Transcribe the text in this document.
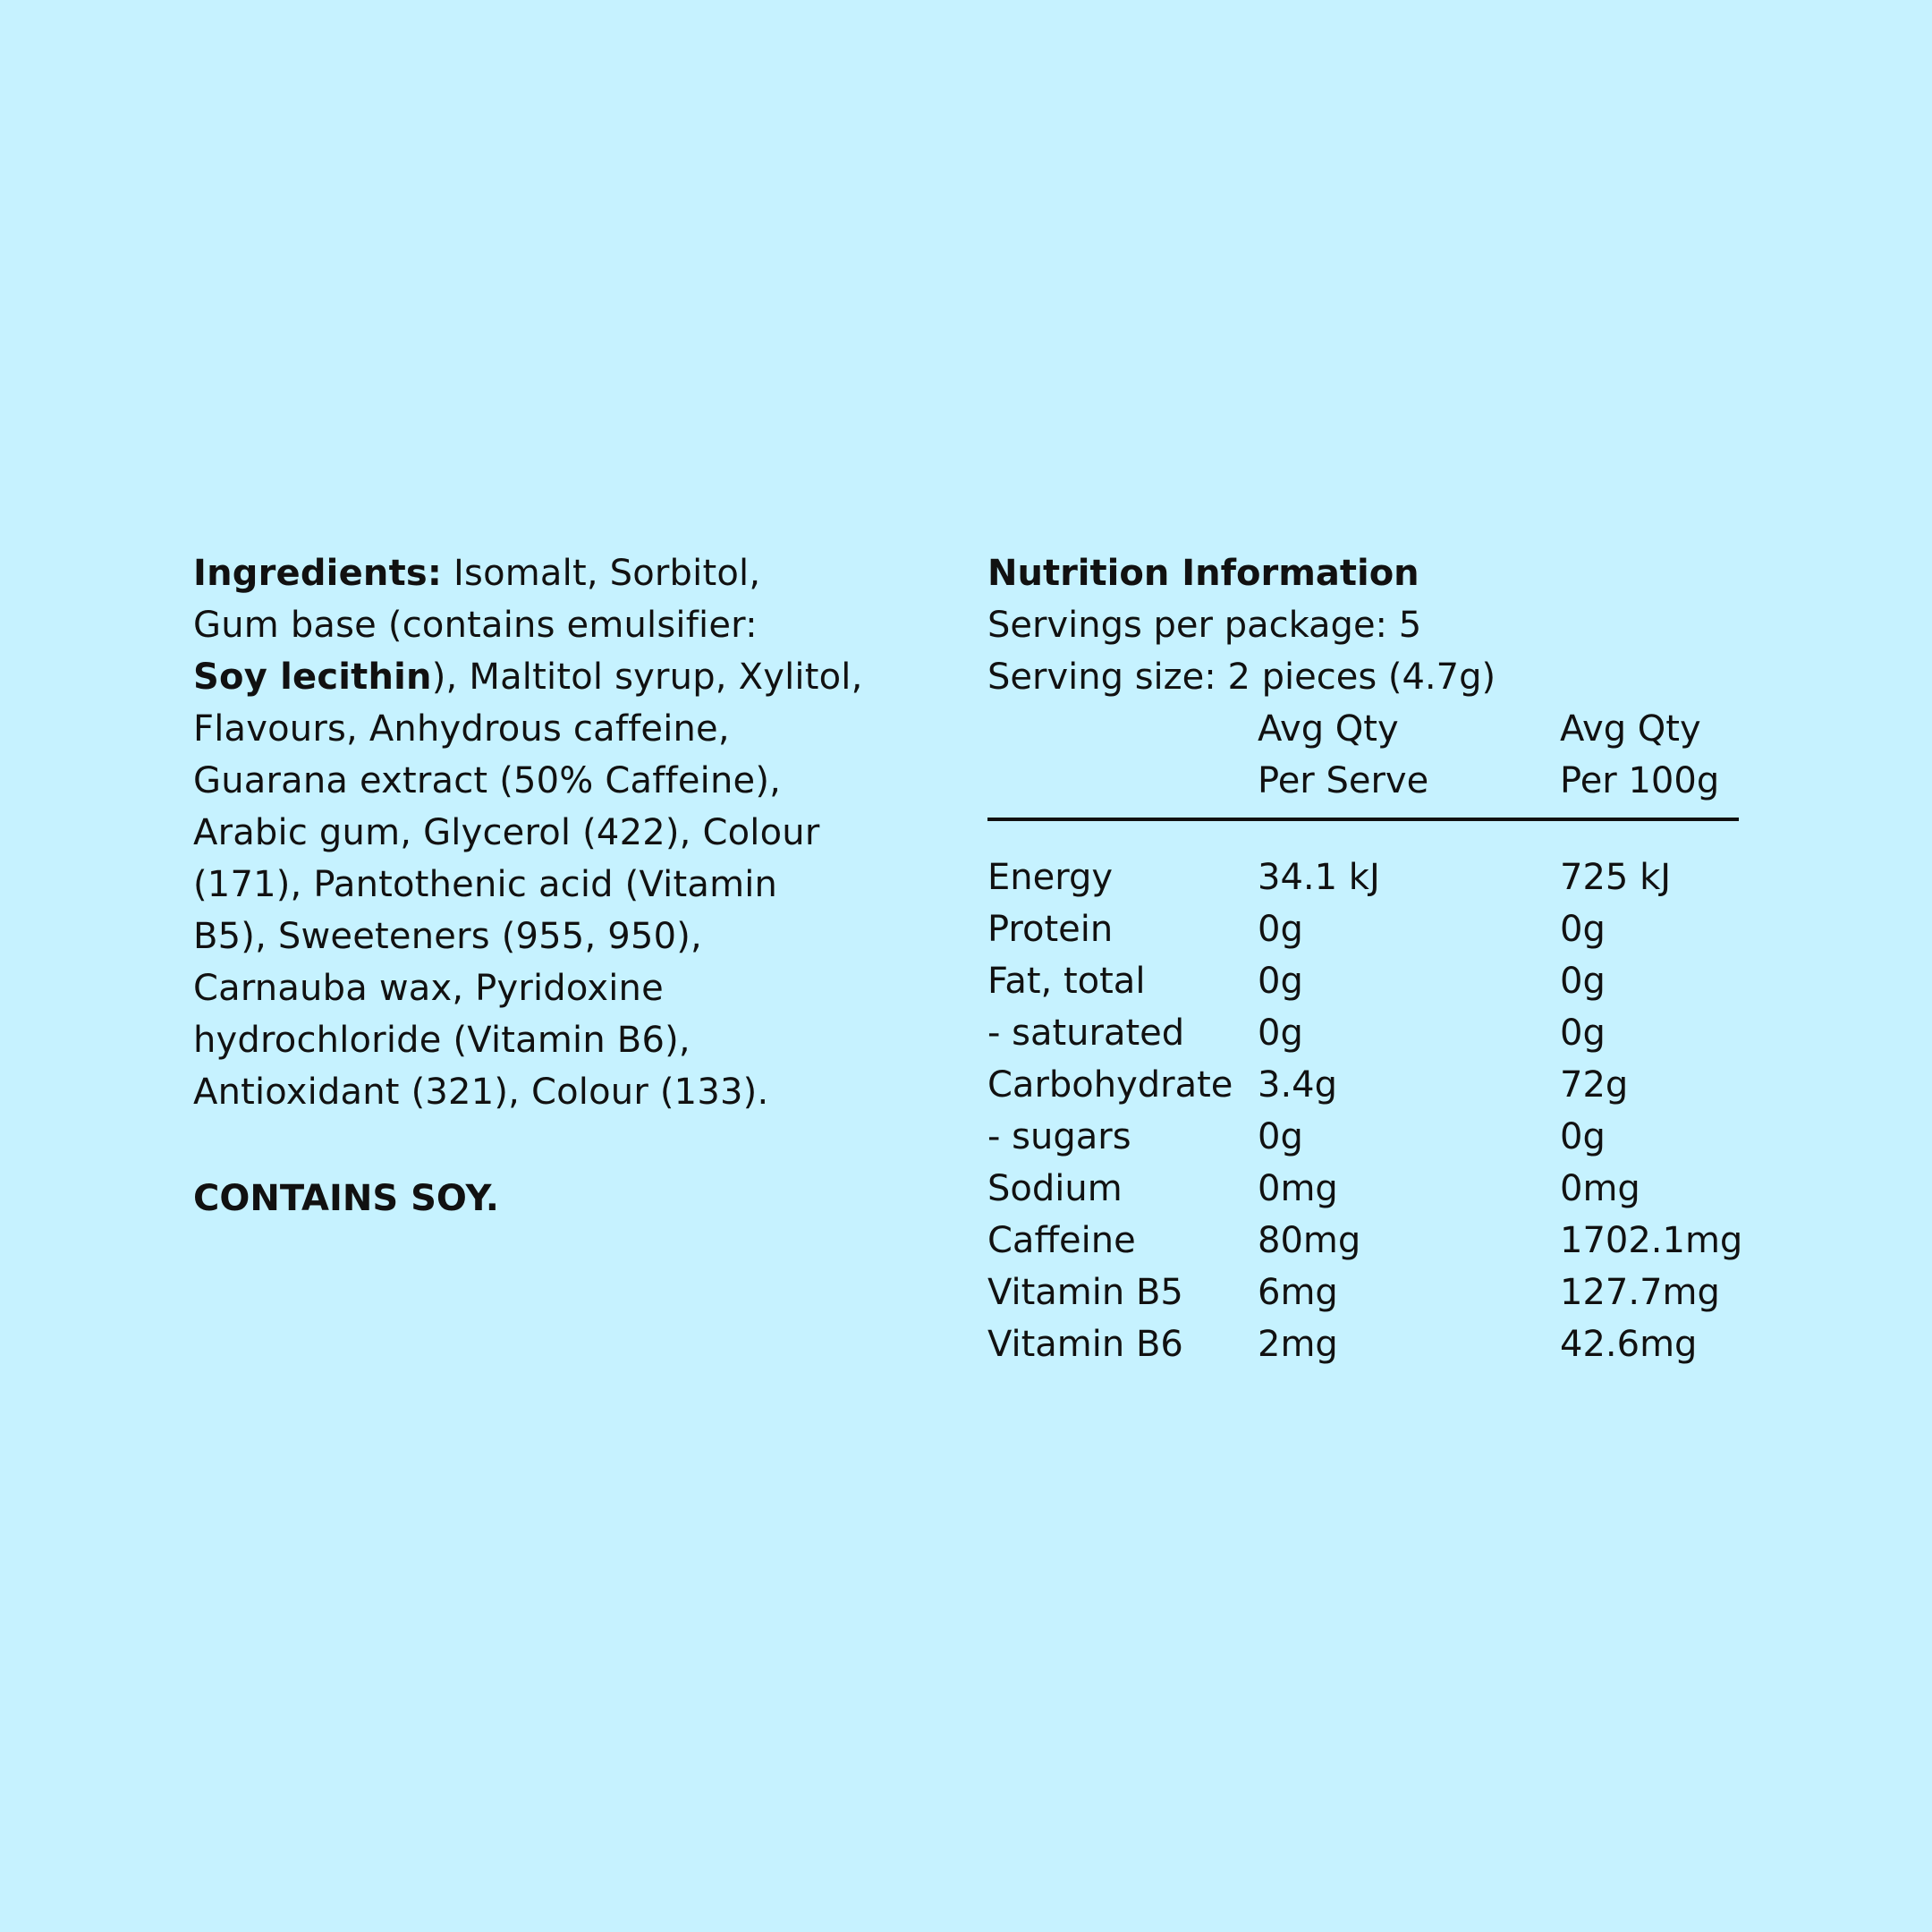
Ingredients: Isomalt, Sorbitol,
Gum base (contains emulsifier:
Soy lecithin), Maltitol syrup, Xylitol,
Flavours, Anhydrous caffeine,
Guarana extract (50% Caffeine),
Arabic gum, Glycerol (422), Colour
(171), Pantothenic acid (Vitamin
B5), Sweeteners (955, 950),
Carnauba wax, Pyridoxine
hydrochloride (Vitamin B6),
Antioxidant (321), Colour (133).
CONTAINS SOY.
Nutrition Information
Servings per package: 5
Serving size: 2 pieces (4.7g)
Avg Qty	Avg Qty
Per Serve	Per 100g
Energy	34.1 kJ	725 kJ
Protein	0g	0g
Fat, total	0g	0g
- saturated 0g	0g
Carbohydrate 3.4g	72g
- sugars	0g	0g
Sodium	0mg	0mg
Caffeine	80mg	1702.1mg
Vitamin B5 6mg	127.7mg
Vitamin B6 2mg	42.6mg
